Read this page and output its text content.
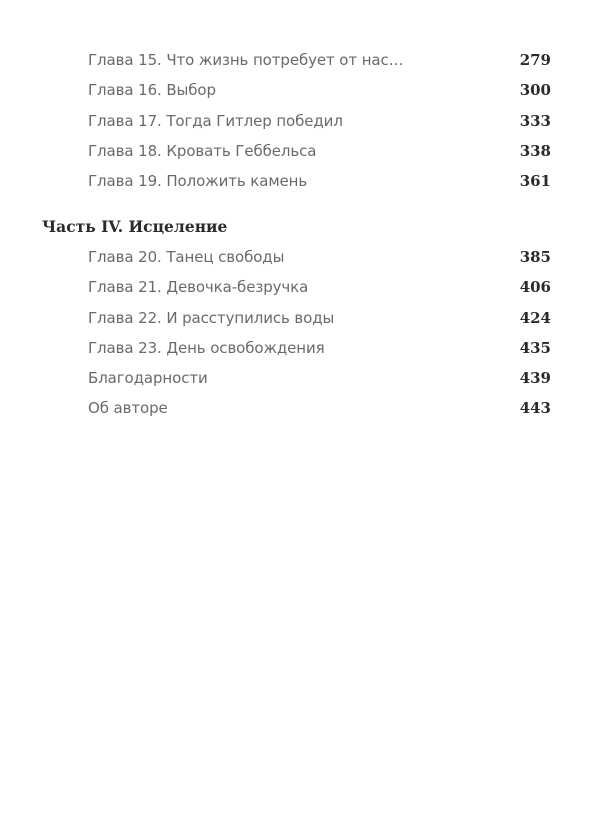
Глава 15. Что жизнь потребует от нас…	279
Глава 16. Выбор	300
Глава 17. Тогда Гитлер победил	333
Глава 18. Кровать Геббельса	338
Глава 19. Положить камень	361
Часть IV. Исцеление
Глава 20. Танец свободы	385
Глава 21. Девочка-безручка	406
Глава 22. И расступились воды	424
Глава 23. День освобождения	435
Благодарности	439
Об авторе	443
